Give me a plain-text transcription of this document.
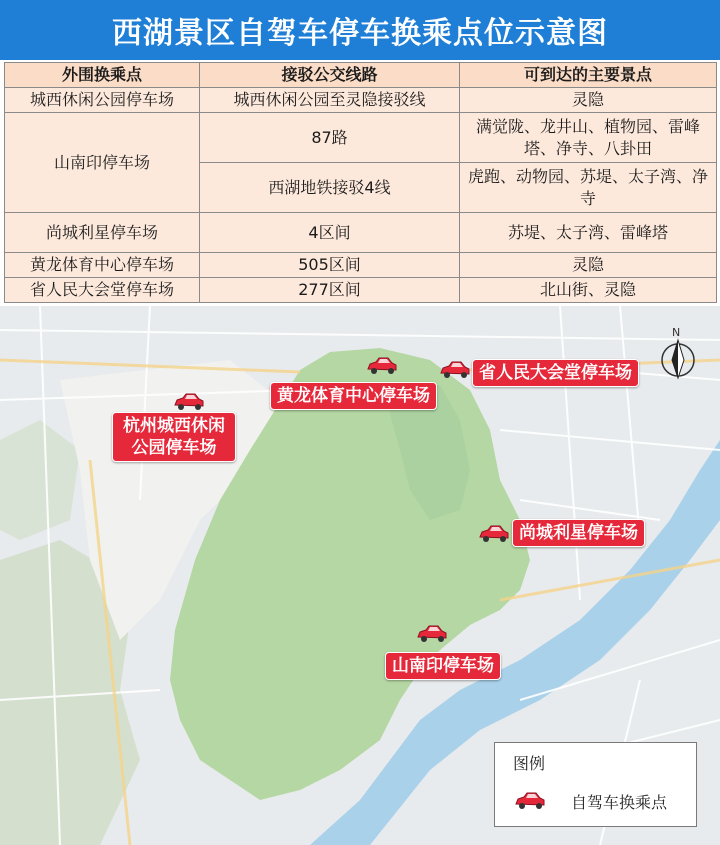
西湖景区自驾车停车换乘点位示意图
外围换乘点	接驳公交线路	可到达的主要景点
城西休闲公园停车场	城西休闲公园至灵隐接驳线	灵隐
山南印停车场	87路	满觉陇、龙井山、植物园、雷峰塔、净寺、八卦田
	西湖地铁接驳4线	虎跑、动物园、苏堤、太子湾、净寺
尚城利星停车场	4区间	苏堤、太子湾、雷峰塔
黄龙体育中心停车场	505区间	灵隐
省人民大会堂停车场	277区间	北山街、灵隐
杭州城西休闲
公园停车场
黄龙体育中心停车场
省人民大会堂停车场
尚城利星停车场
山南印停车场
N
图例
自驾车换乘点
